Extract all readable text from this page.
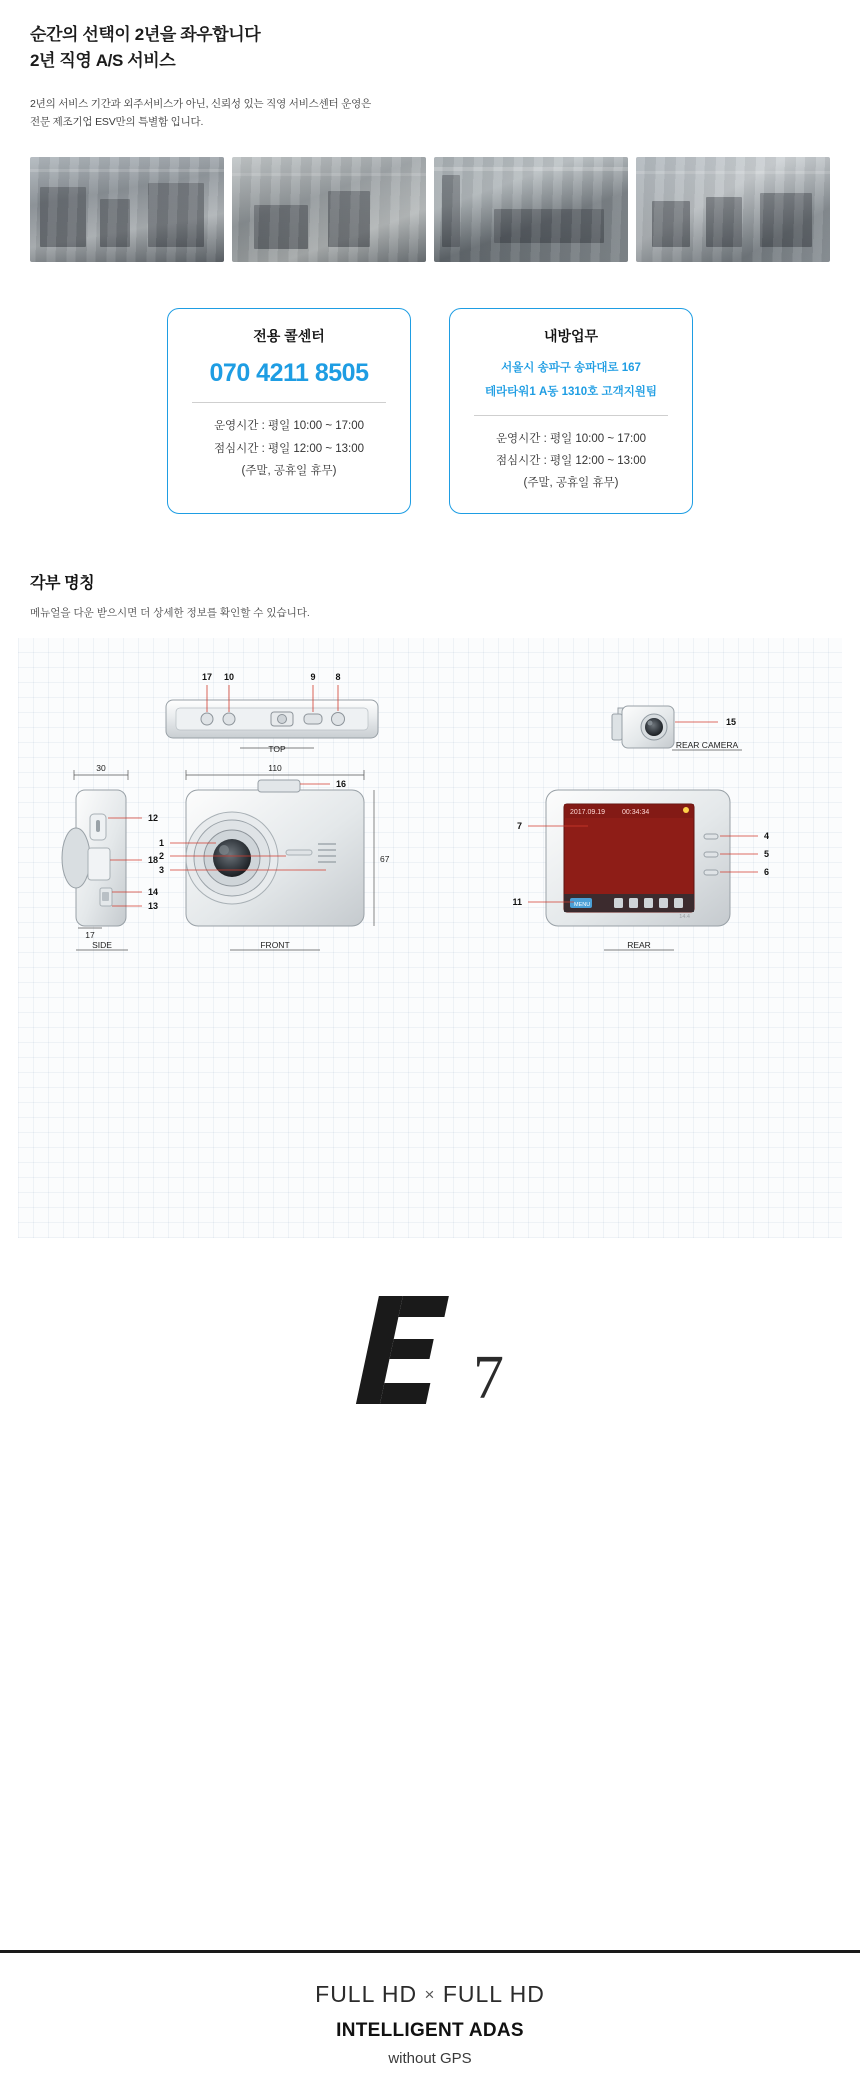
순간의 선택이 2년을 좌우합니다
2년 직영 A/S 서비스
2년의 서비스 기간과 외주서비스가 아닌, 신뢰성 있는 직영 서비스센터 운영은
전문 제조기업 ESV만의 특별함 입니다.
전용 콜센터
070 4211 8505
운영시간 : 평일 10:00 ~ 17:00
점심시간 : 평일 12:00 ~ 13:00
(주말, 공휴일 휴무)
내방업무
서울시 송파구 송파대로 167
테라타워1 A동 1310호 고객지원팀
운영시간 : 평일 10:00 ~ 17:00
점심시간 : 평일 12:00 ~ 13:00
(주말, 공휴일 휴무)
각부 명칭
메뉴얼을 다운 받으시면 더 상세한 정보를 확인할 수 있습니다.
17 10	9 8
TOP
15
REAR CAMERA
30
12
18
14
13
17
SIDE
110
16
1
2
3
67
FRONT
2017.09.19 00:34:34
MENU
14.4
4
5
6
7
11
REAR
7
FULL HD × FULL HD
INTELLIGENT ADAS
without GPS
